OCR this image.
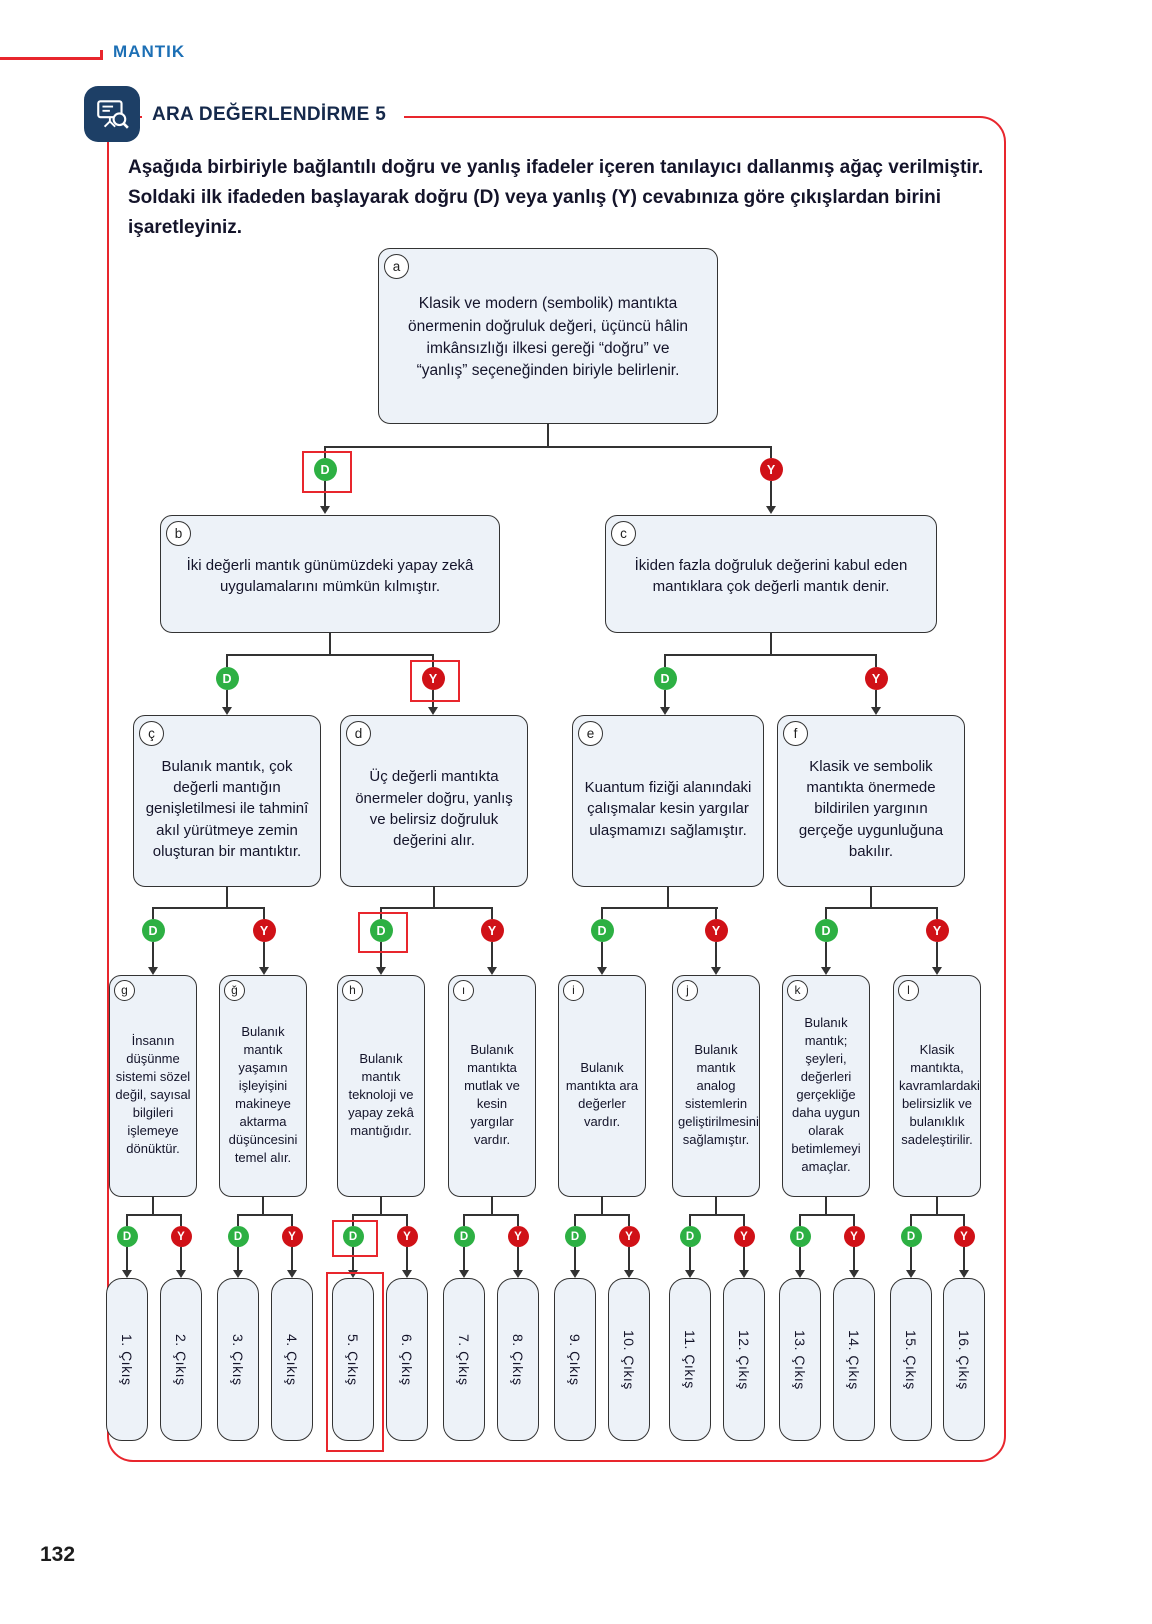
MANTIK
ARA DEĞERLENDİRME 5
Aşağıda birbiriyle bağlantılı doğru ve yanlış ifadeler içeren tanılayıcı dallanmış ağaç verilmiştir. Soldaki ilk ifadeden başlayarak doğru (D) veya yanlış (Y) cevabınıza göre çıkışlardan birini işaretleyiniz.
a
Klasik ve modern (sembolik) mantıkta önermenin doğruluk değeri, üçüncü hâlin imkânsızlığı ilkesi gereği “doğru” ve “yanlış” seçeneğinden biriyle belirlenir.
D	Y
b
İki değerli mantık günümüzdeki yapay zekâ uygulamalarını mümkün kılmıştır.
c
İkiden fazla doğruluk değerini kabul eden mantıklara çok değerli mantık denir.
D	Y	D	Y
ç
Bulanık mantık, çok değerli mantığın genişletilmesi ile tahminî akıl yürütmeye zemin oluşturan bir mantıktır.
d
Üç değerli mantıkta önermeler doğru, yanlış ve belirsiz doğruluk değerini alır.
e
Kuantum fiziği alanındaki çalışmalar kesin yargılar ulaşmamızı sağlamıştır.
f
Klasik ve sembolik mantıkta önermede bildirilen yargının gerçeğe uygunluğuna bakılır.
D	Y	D	Y	D	Y	D	Y
g
İnsanın düşünme sistemi sözel değil, sayısal bilgileri işlemeye dönüktür.
ğ
Bulanık mantık yaşamın işleyişini makineye aktarma düşüncesini temel alır.
h
Bulanık mantık teknoloji ve yapay zekâ mantığıdır.
ı
Bulanık mantıkta mutlak ve kesin yargılar vardır.
i
Bulanık mantıkta ara değerler vardır.
j
Bulanık mantık analog sistemlerin geliştirilmesini sağlamıştır.
k
Bulanık mantık; şeyleri, değerleri gerçekliğe daha uygun olarak betimlemeyi amaçlar.
l
Klasik mantıkta, kavramlardaki belirsizlik ve bulanıklık sadeleştirilir.
D	Y	D	Y	D	Y	D	Y	D	Y	D	Y	D	Y	D	Y
1. Çıkış	2. Çıkış	3. Çıkış	4. Çıkış	5. Çıkış	6. Çıkış	7. Çıkış	8. Çıkış	9. Çıkış	10. Çıkış	11. Çıkış	12. Çıkış	13. Çıkış	14. Çıkış	15. Çıkış	16. Çıkış
132
